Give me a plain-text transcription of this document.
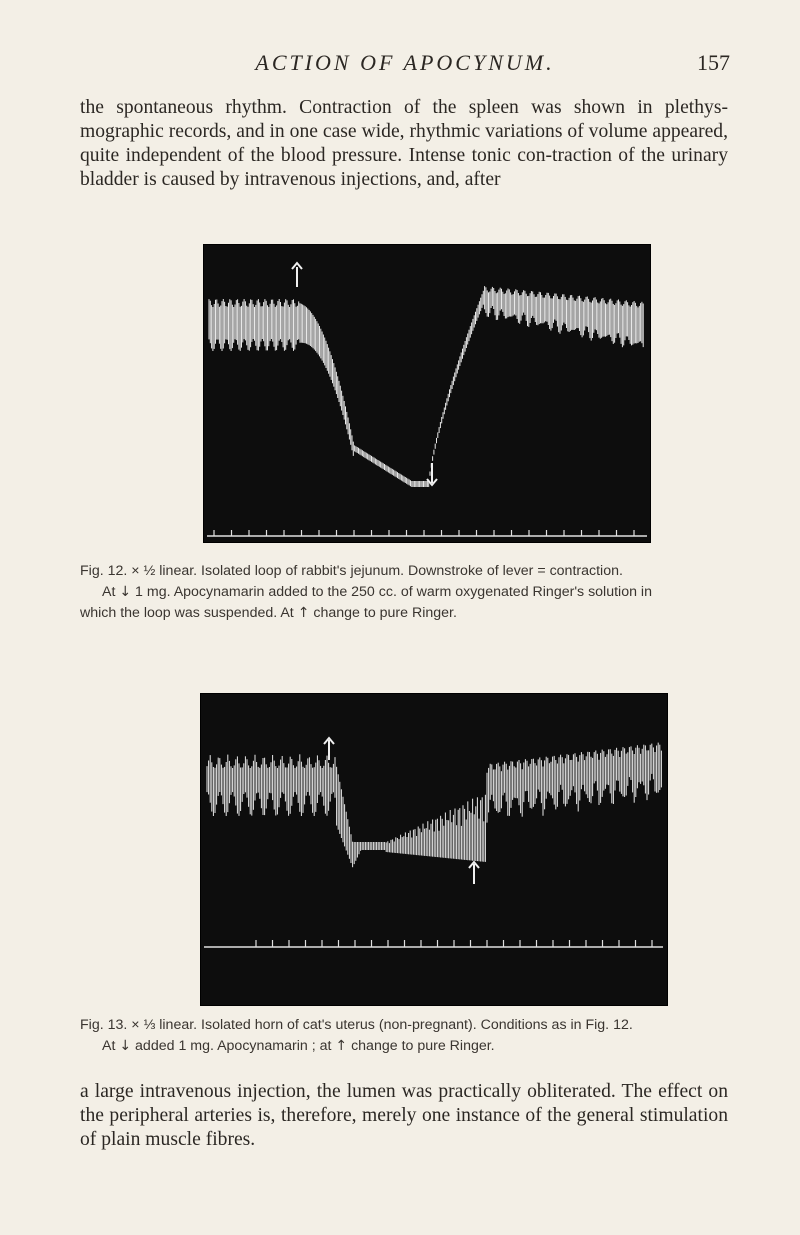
ACTION OF APOCYNUM.	157

the spontaneous rhythm. Contraction of the spleen was shown in plethys-mographic records, and in one case wide, rhythmic variations of volume appeared, quite independent of the blood pressure. Intense tonic con-traction of the urinary bladder is caused by intravenous injections, and, after

Fig. 12. × ½ linear. Isolated loop of rabbit's jejunum. Downstroke of lever = contraction.
At ↓ 1 mg. Apocynamarin added to the 250 cc. of warm oxygenated Ringer's solution in
which the loop was suspended. At ↑ change to pure Ringer.
Fig. 13. × ⅓ linear. Isolated horn of cat's uterus (non-pregnant). Conditions as in Fig. 12.
At ↓ added 1 mg. Apocynamarin ; at ↑ change to pure Ringer.

a large intravenous injection, the lumen was practically obliterated. The effect on the peripheral arteries is, therefore, merely one instance of the general stimulation of plain muscle fibres.
